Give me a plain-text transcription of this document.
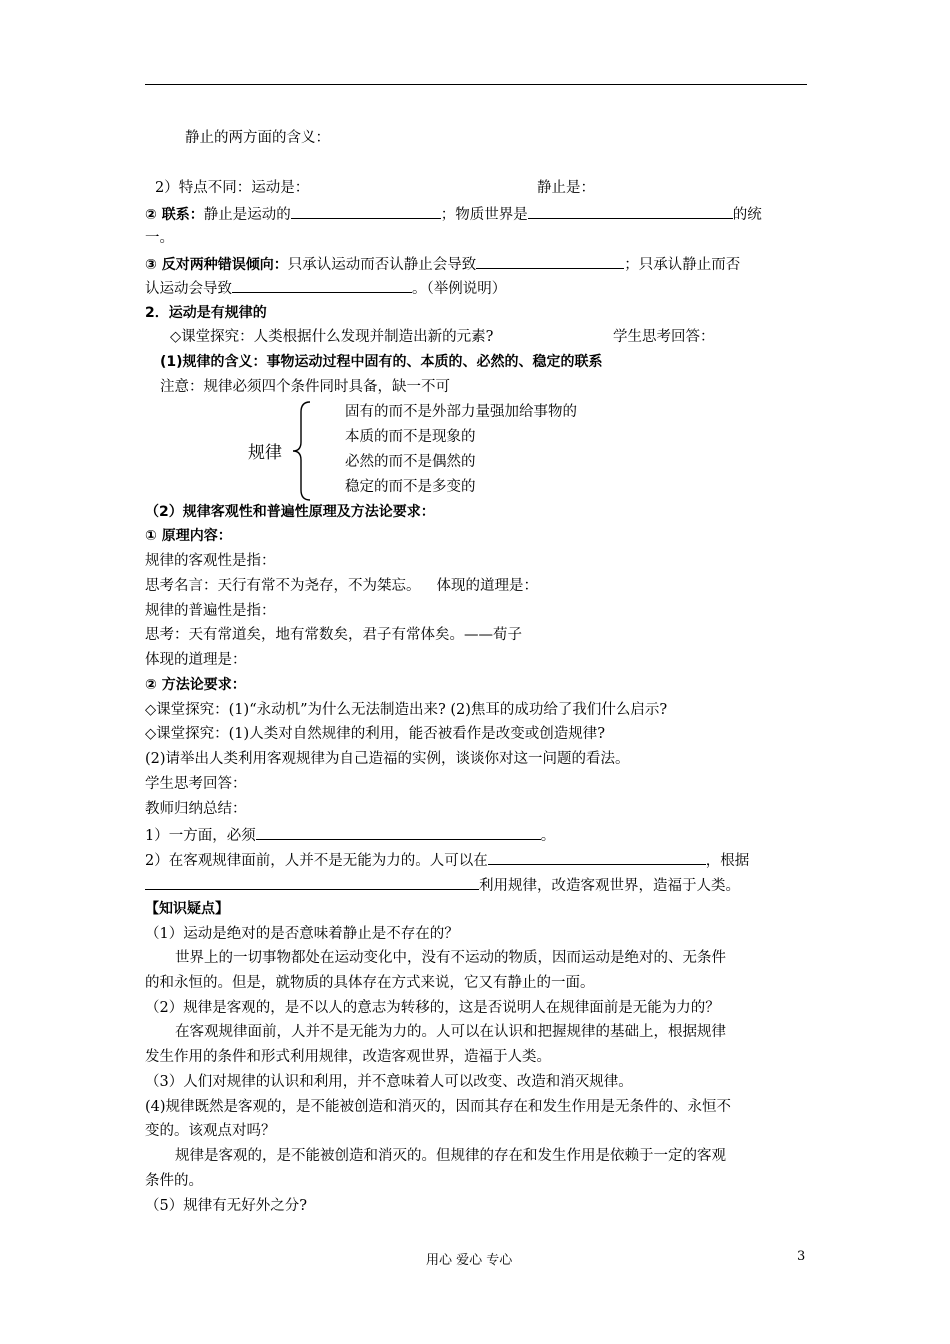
静止的两方面的含义：
2）特点不同：运动是：	静止是：
② 联系：静止是运动的	；物质世界是	的统
一。
③ 反对两种错误倾向：只承认运动而否认静止会导致	；只承认静止而否
认运动会导致	。（举例说明）
2．运动是有规律的
◇课堂探究：人类根据什么发现并制造出新的元素?	学生思考回答：
(1)规律的含义：事物运动过程中固有的、本质的、必然的、稳定的联系
注意：规律必须四个条件同时具备，缺一不可
规律
固有的而不是外部力量强加给事物的
本质的而不是现象的
必然的而不是偶然的
稳定的而不是多变的
（2）规律客观性和普遍性原理及方法论要求：
① 原理内容：
规律的客观性是指：
思考名言：天行有常不为尧存，不为桀忘。 体现的道理是：
规律的普遍性是指：
思考：天有常道矣，地有常数矣，君子有常体矣。——荀子
体现的道理是：
② 方法论要求：
◇课堂探究：(1)“永动机”为什么无法制造出来? (2)焦耳的成功给了我们什么启示?
◇课堂探究：(1)人类对自然规律的利用，能否被看作是改变或创造规律?
(2)请举出人类利用客观规律为自己造福的实例，谈谈你对这一问题的看法。
学生思考回答：
教师归纳总结：
1）一方面，必须	。
2）在客观规律面前，人并不是无能为力的。人可以在	，根据
利用规律，改造客观世界，造福于人类。
【知识疑点】
（1）运动是绝对的是否意味着静止是不存在的？
世界上的一切事物都处在运动变化中，没有不运动的物质，因而运动是绝对的、无条件
的和永恒的。但是，就物质的具体存在方式来说，它又有静止的一面。
（2）规律是客观的，是不以人的意志为转移的，这是否说明人在规律面前是无能为力的？
在客观规律面前，人并不是无能为力的。人可以在认识和把握规律的基础上，根据规律
发生作用的条件和形式利用规律，改造客观世界，造福于人类。
（3）人们对规律的认识和利用，并不意味着人可以改变、改造和消灭规律。
(4)规律既然是客观的，是不能被创造和消灭的，因而其存在和发生作用是无条件的、永恒不
变的。该观点对吗？
规律是客观的，是不能被创造和消灭的。但规律的存在和发生作用是依赖于一定的客观
条件的。
（5）规律有无好外之分?
用心 爱心 专心	3
